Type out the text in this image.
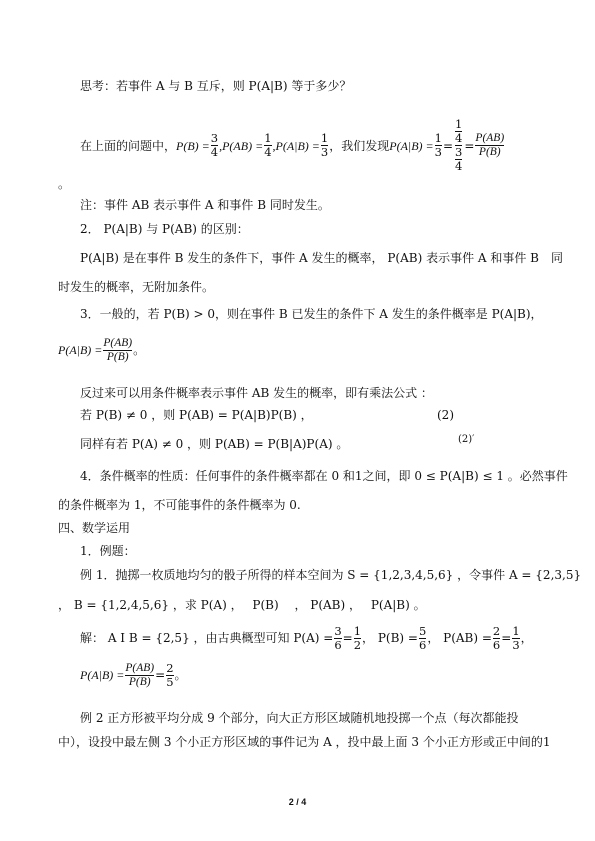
思考：若事件 A 与 B 互斥，则 P(A|B) 等于多少？
在上面的问题中， $P(B) = \frac{3}{4} ,P(AB) = \frac{1}{4} ,P(A|B) = \frac{1}{3}$ ，我们发现 $P(A|B) = \frac{1}{3} = 1$
4
3
$4 = \frac{P(AB)}{P(B)}$
。
注：事件 AB 表示事件 A 和事件 B 同时发生。
2． P(A|B) 与 P(AB) 的区别：
P(A|B) 是在事件 B 发生的条件下，事件 A 发生的概率， P(AB) 表示事件 A 和事件 B　同
时发生的概率，无附加条件。
3．一般的，若 P(B) > 0，则在事件 B 已发生的条件下 A 发生的条件概率是 P(A|B)，
$P(A|B) = \frac{P(AB)}{P(B)}$ 。
反过来可以用条件概率表示事件 AB 发生的概率，即有乘法公式 ：
若 P(B) ≠ 0 ，则 P(AB) = P(A|B)P(B) ，	(2)
同样有若 P(A) ≠ 0 ，则 P(AB) = P(B|A)P(A) 。	(2)′
4．条件概率的性质：任何事件的条件概率都在 0 和1之间，即 0 ≤ P(A|B) ≤ 1 。必然事件
的条件概率为 1，不可能事件的条件概率为 0.
四、数学运用
1．例题：
例 1．抛掷一枚质地均匀的骰子所得的样本空间为 S = {1,2,3,4,5,6} ，令事件 A = {2,3,5}
， B = {1,2,4,5,6} ，求 P(A) ，　 P(B) 　， P(AB) ，　 P(A|B) 。
解： A I B = {2,5} ，由古典概型可知 $P(A) = \frac{3}{6} = \frac{1}{2}$ ， $P(B) = \frac{5}{6}$ ， $P(AB) = \frac{2}{6} = \frac{1}{3}$ ，
$P(A|B) = \frac{P(AB)}{P(B)} = \frac{2}{5}$ 。
例 2 正方形被平均分成 9 个部分，向大正方形区域随机地投掷一个点（每次都能投
中），设投中最左侧 3 个小正方形区域的事件记为 A ，投中最上面 3 个小正方形或正中间的1
2 / 4
